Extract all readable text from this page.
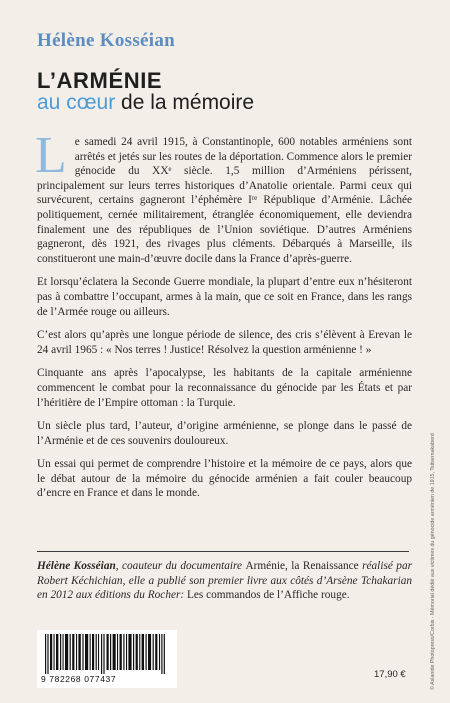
Hélène Kosséian
L’ARMÉNIE
au cœur de la mémoire

Le samedi 24 avril 1915, à Constantinople, 600 notables arméniens sont arrêtés et jetés sur les routes de la déportation. Commence alors le premier génocide du XXᵉ siècle. 1,5 million d’Arméniens périssent, principalement sur leurs terres historiques d’Anatolie orientale. Parmi ceux qui survécurent, certains gagneront l’éphémère Iʳᵉ République d’Arménie. Lâchée politiquement, cernée militairement, étranglée économiquement, elle deviendra finalement une des républiques de l’Union soviétique. D’autres Arméniens gagneront, dès 1921, des rivages plus cléments. Débarqués à Marseille, ils constitueront une main-d’œuvre docile dans la France d’après-guerre.

Et lorsqu’éclatera la Seconde Guerre mondiale, la plupart d’entre eux n’hésiteront pas à combattre l’occupant, armes à la main, que ce soit en France, dans les rangs de l’Armée rouge ou ailleurs.

C’est alors qu’après une longue période de silence, des cris s’élèvent à Erevan le 24 avril 1965 : « Nos terres ! Justice! Résolvez la question arménienne ! »

Cinquante ans après l’apocalypse, les habitants de la capitale arménienne commencent le combat pour la reconnaissance du génocide par les États et par l’héritière de l’Empire ottoman : la Turquie.

Un siècle plus tard, l’auteur, d’origine arménienne, se plonge dans le passé de l’Arménie et de ces souvenirs douloureux.

Un essai qui permet de comprendre l’histoire et la mémoire de ce pays, alors que le débat autour de la mémoire du génocide arménien a fait couler beaucoup d’encre en France et dans le monde.

Hélène Kosséian, coauteur du documentaire Arménie, la Renaissance réalisé par Robert Kéchichian, elle a publié son premier livre aux côtés d’Arsène Tchakarian en 2012 aux éditions du Rocher: Les commandos de l’Affiche rouge.	© Aslanide Photopress/Corbis · Mémorial dédié aux victimes du génocide arménien de 1915, Tsitsernakaberd
9 782268 077437	17,90 €
